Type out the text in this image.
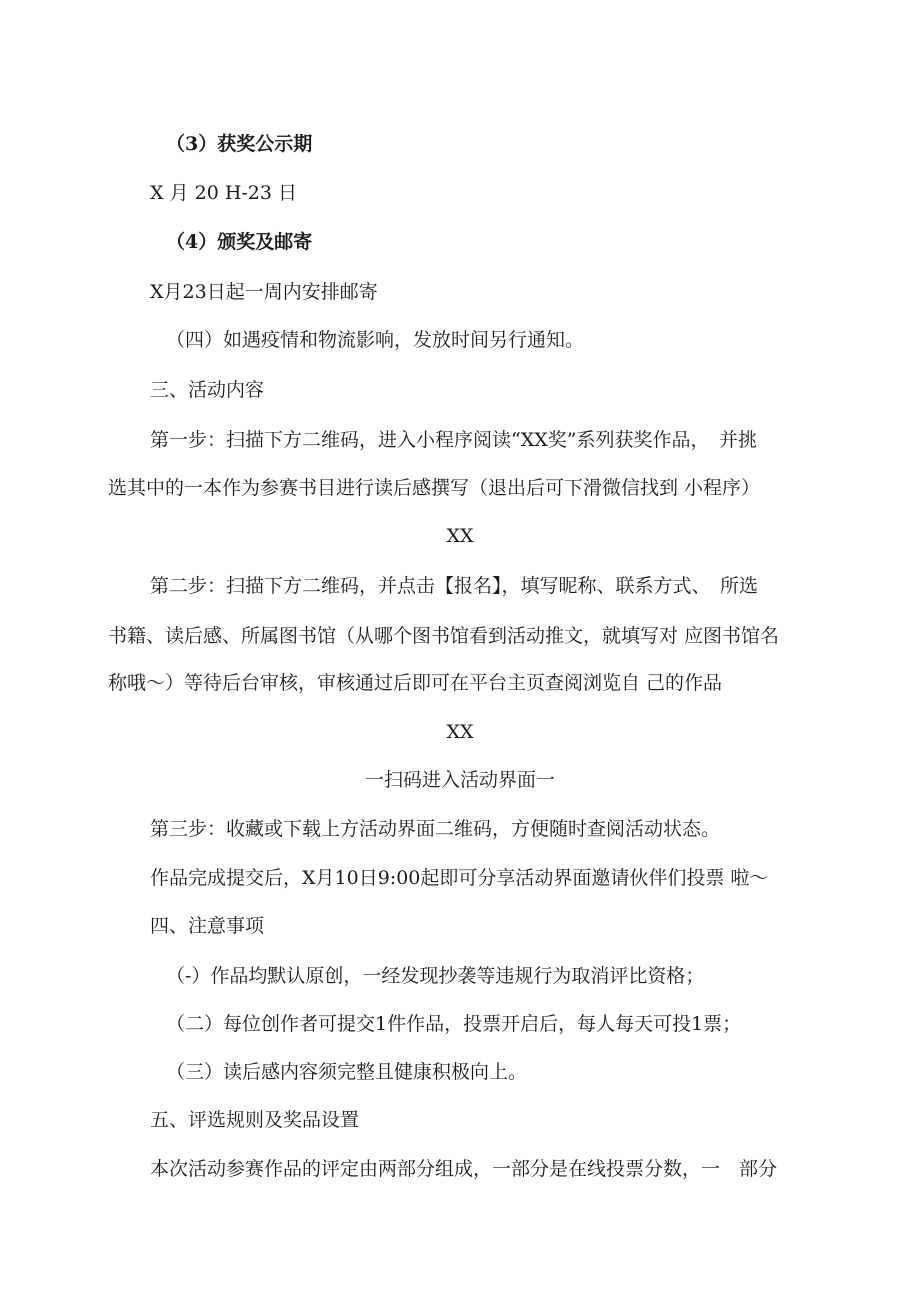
（3）获奖公示期
X 月 20 H-23 日
（4）颁奖及邮寄
X月23日起一周内安排邮寄
（四）如遇疫情和物流影响，发放时间另行通知。
三、活动内容
第一步：扫描下方二维码，进入小程序阅读“XX奖”系列获奖作品，　并挑
选其中的一本作为参赛书目进行读后感撰写（退出后可下滑微信找到 小程序）
XX
第二步：扫描下方二维码，并点击【报名】，填写昵称、联系方式、　所选
书籍、读后感、所属图书馆（从哪个图书馆看到活动推文，就填写对 应图书馆名
称哦～）等待后台审核，审核通过后即可在平台主页查阅浏览自 己的作品
XX
一扫码进入活动界面一
第三步：收藏或下载上方活动界面二维码，方便随时查阅活动状态。
作品完成提交后，X月10日9:00起即可分享活动界面邀请伙伴们投票 啦～
四、注意事项
（-）作品均默认原创，一经发现抄袭等违规行为取消评比资格；
（二）每位创作者可提交1件作品，投票开启后，每人每天可投1票；
（三）读后感内容须完整且健康积极向上。
五、评选规则及奖品设置
本次活动参赛作品的评定由两部分组成，一部分是在线投票分数，一　部分
